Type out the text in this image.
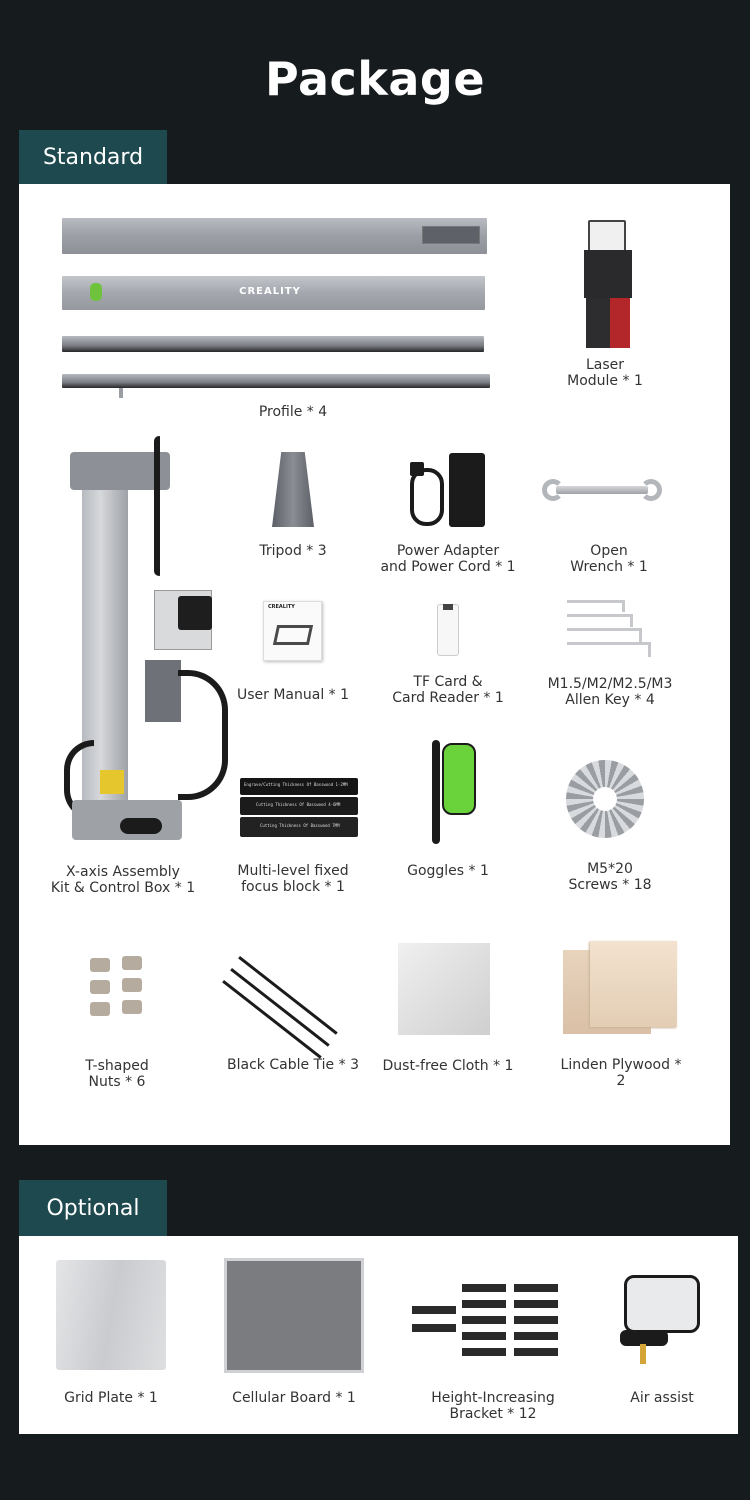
Package
Standard
CREALITY
Profile * 4
Laser
Module * 1
X-axis Assembly
Kit & Control Box * 1
Tripod * 3	Power Adapter
and Power Cord * 1
Open
Wrench * 1
CREALITY
User Manual * 1
TF Card &
Card Reader * 1
M1.5/M2/M2.5/M3
Allen Key * 4
Engrave/Cutting Thickness Of Basswood 1-2MM
Cutting Thickness Of Basswood 4-6MM
Cutting Thickness Of Basswood 7MM
Multi-level fixed
focus block * 1
Goggles * 1	M5*20
Screws * 18
T-shaped
Nuts * 6
Black Cable Tie * 3 Dust-free Cloth * 1	Linden Plywood * 2
Optional
Grid Plate * 1	Cellular Board * 1	Height-Increasing
Bracket * 12
Air assist
